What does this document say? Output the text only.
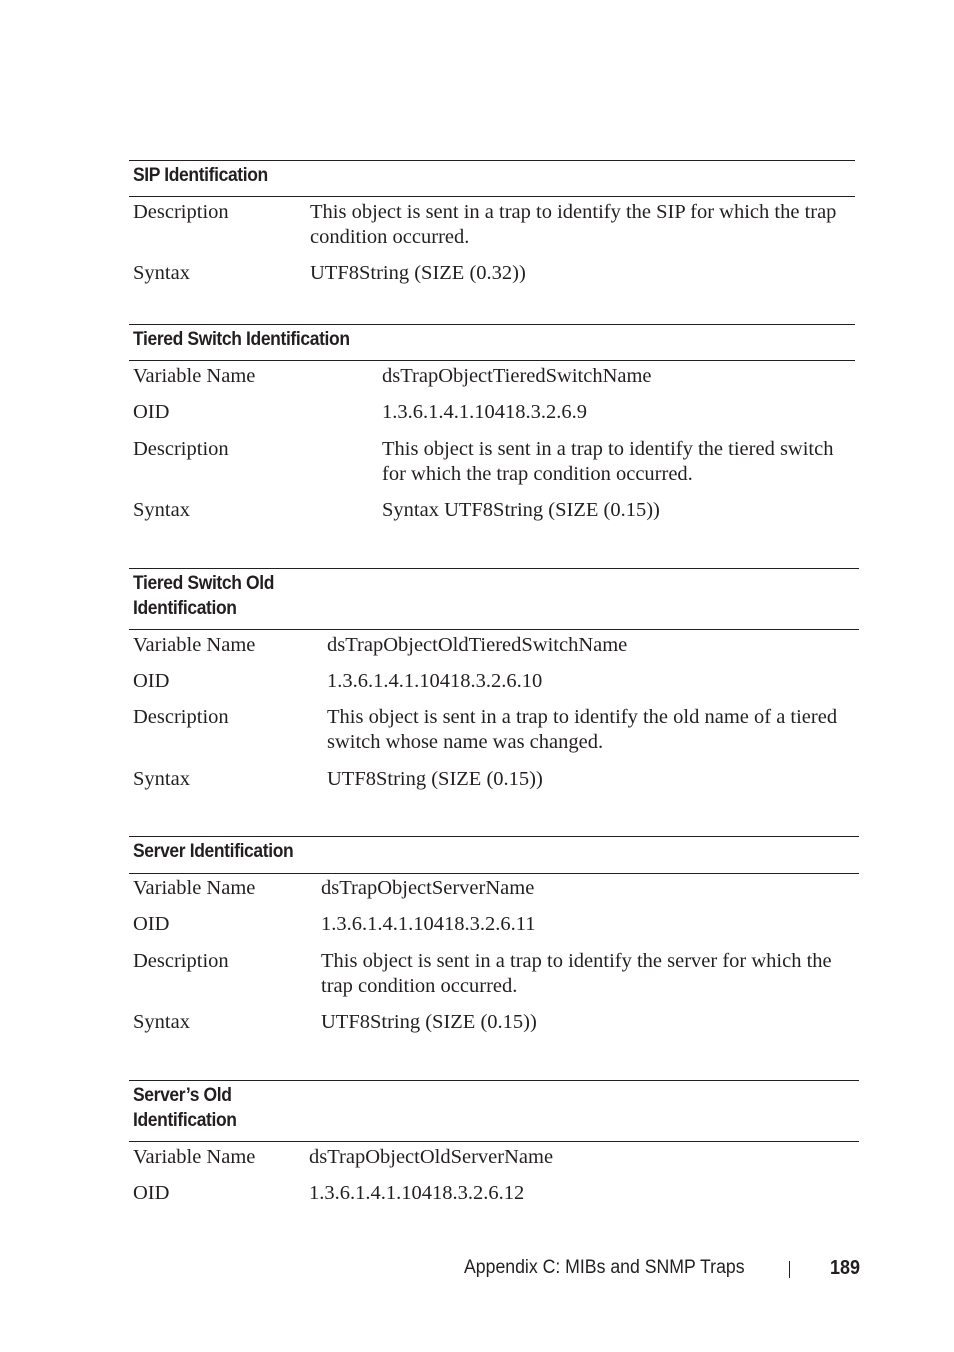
SIP Identification
Description	This object is sent in a trap to identify the SIP for which the trap condition occurred.
Syntax	UTF8String (SIZE (0.32))
Tiered Switch Identification
Variable Name	dsTrapObjectTieredSwitchName
OID	1.3.6.1.4.1.10418.3.2.6.9
Description	This object is sent in a trap to identify the tiered switch for which the trap condition occurred.
Syntax	Syntax UTF8String (SIZE (0.15))
Tiered Switch Old Identification
Variable Name	dsTrapObjectOldTieredSwitchName
OID	1.3.6.1.4.1.10418.3.2.6.10
Description	This object is sent in a trap to identify the old name of a tiered switch whose name was changed.
Syntax	UTF8String (SIZE (0.15))
Server Identification
Variable Name	dsTrapObjectServerName
OID	1.3.6.1.4.1.10418.3.2.6.11
Description	This object is sent in a trap to identify the server for which the trap condition occurred.
Syntax	UTF8String (SIZE (0.15))
Server’s Old Identification
Variable Name	dsTrapObjectOldServerName
OID	1.3.6.1.4.1.10418.3.2.6.12
Appendix C: MIBs and SNMP Traps	189
